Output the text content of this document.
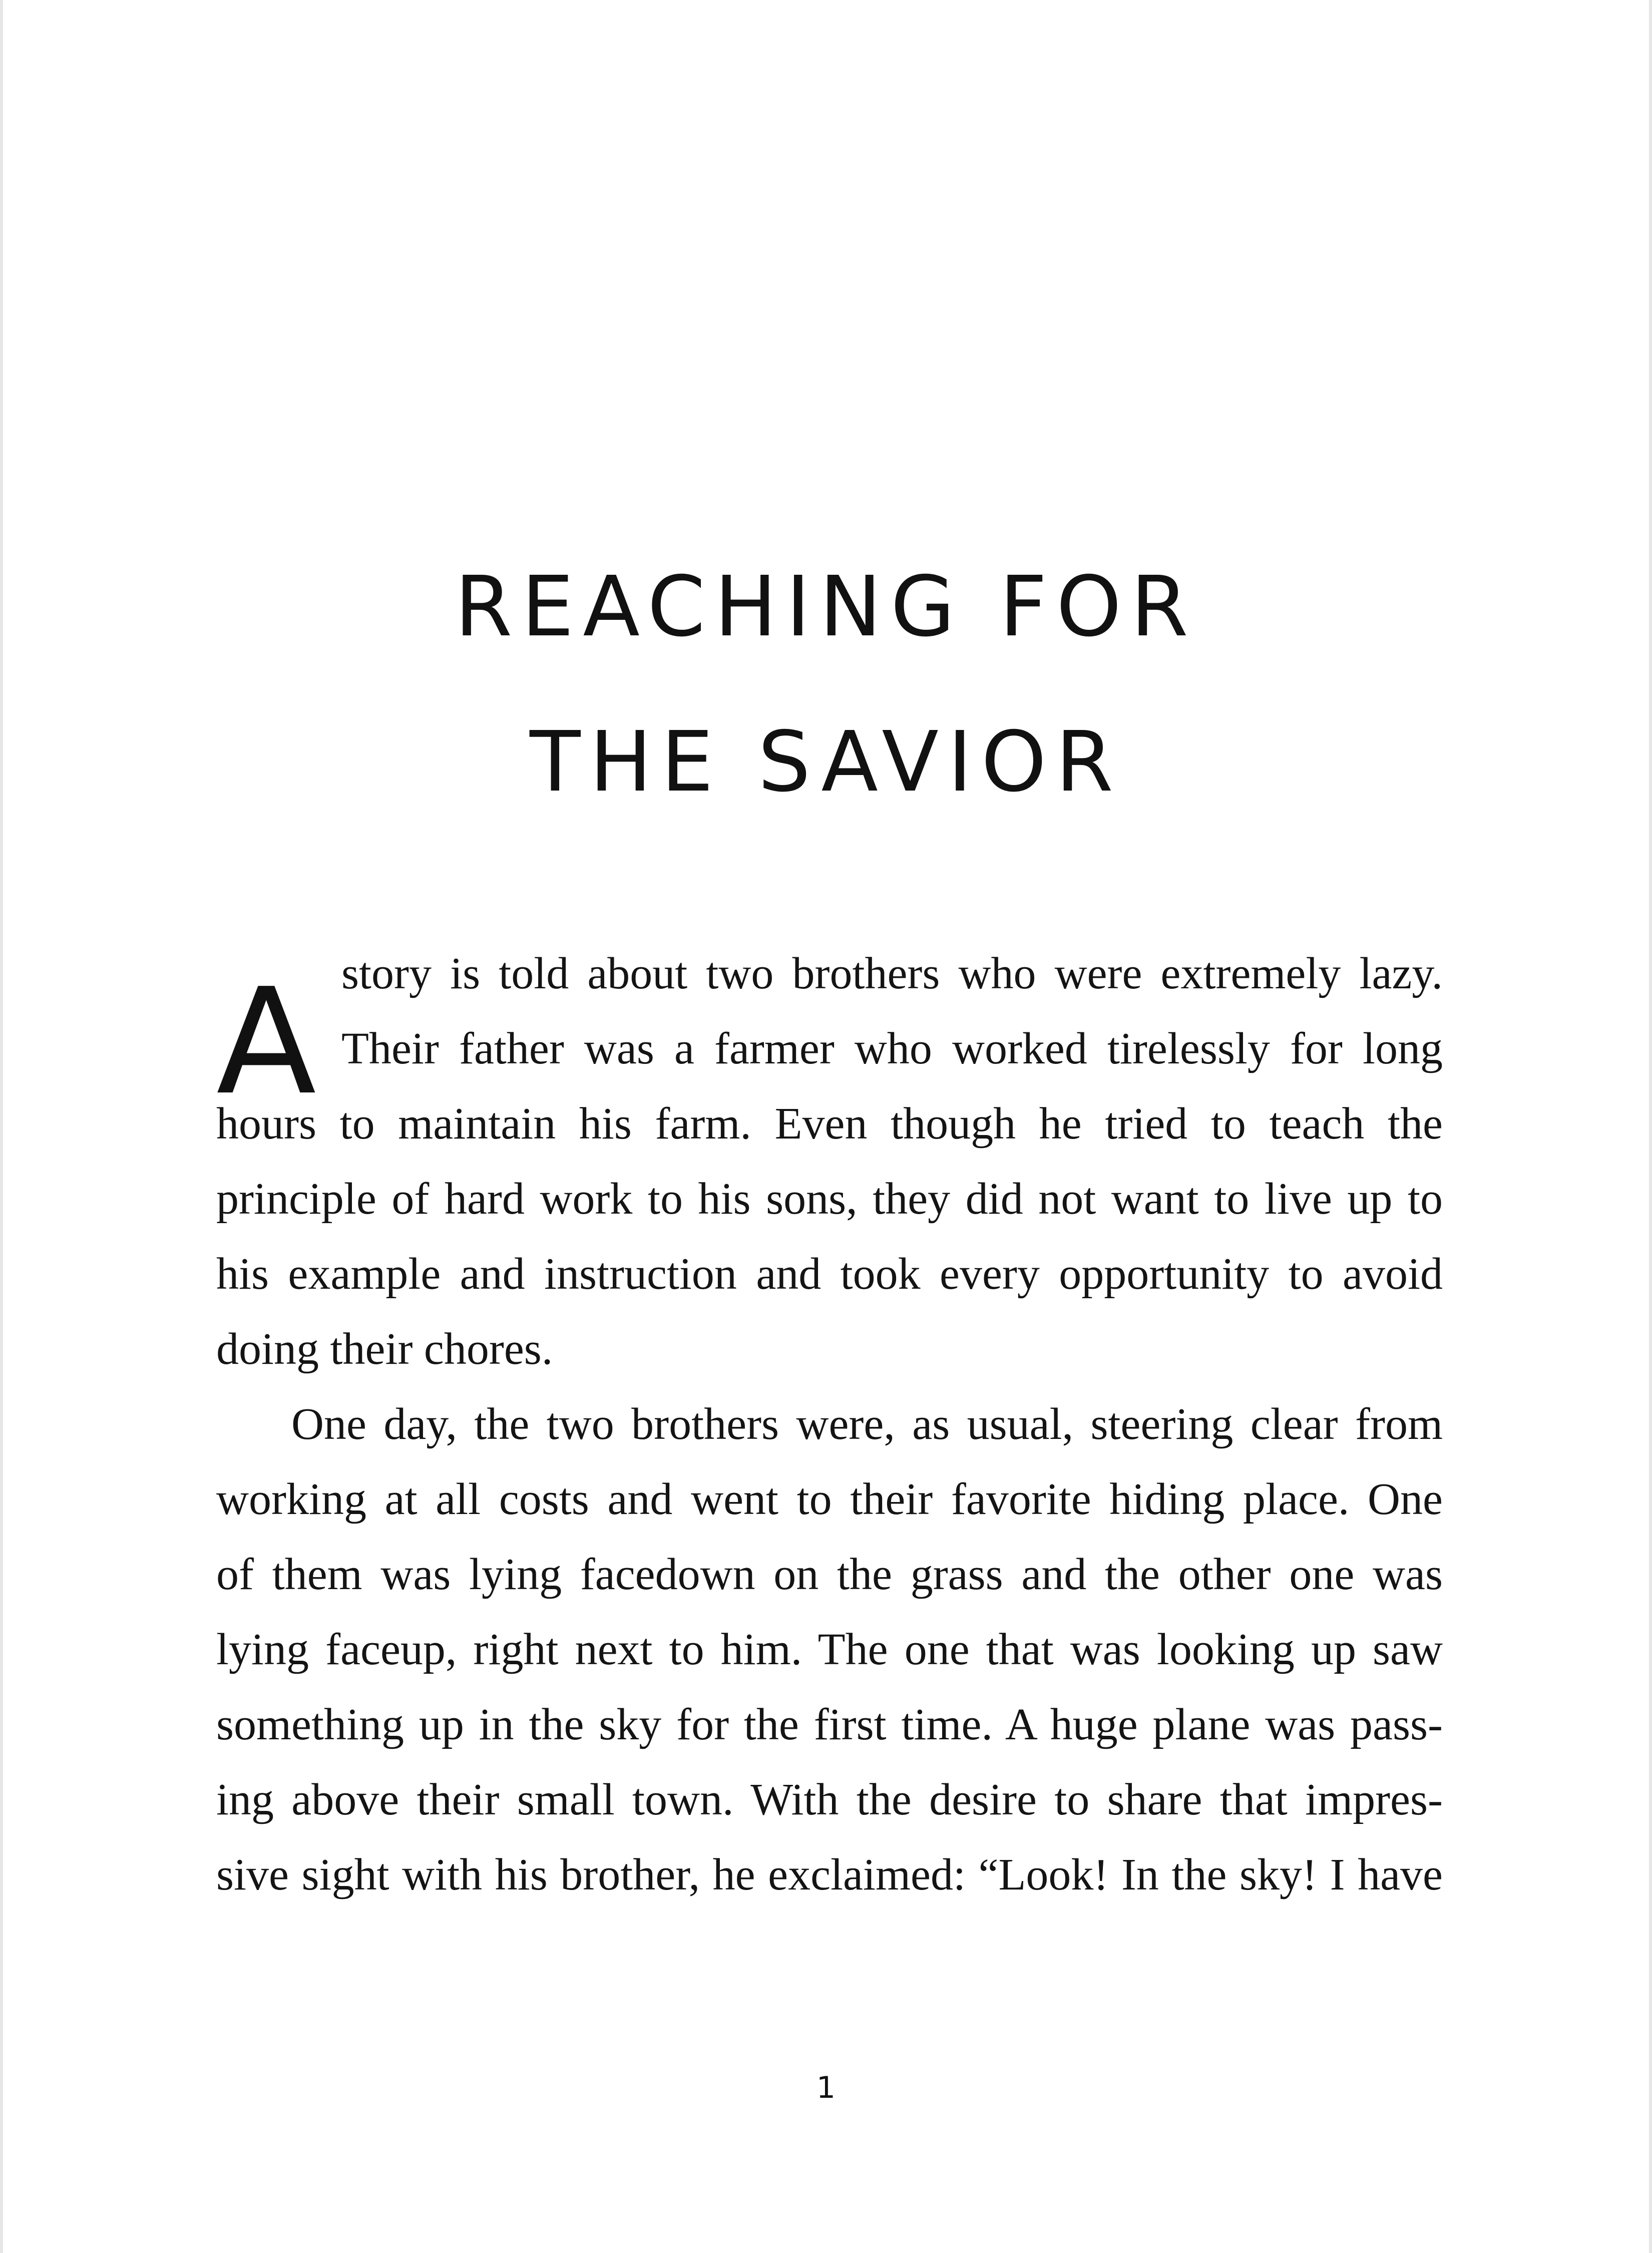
REACHING FOR
THE SAVIOR
A story is told about two brothers who were extremely lazy.
Their father was a farmer who worked tirelessly for long
hours to maintain his farm. Even though he tried to teach the
principle of hard work to his sons, they did not want to live up to
his example and instruction and took every opportunity to avoid
doing their chores.
One day, the two brothers were, as usual, steering clear from
working at all costs and went to their favorite hiding place. One
of them was lying facedown on the grass and the other one was
lying faceup, right next to him. The one that was looking up saw
something up in the sky for the first time. A huge plane was pass-
ing above their small town. With the desire to share that impres-
sive sight with his brother, he exclaimed: “Look! In the sky! I have
1
